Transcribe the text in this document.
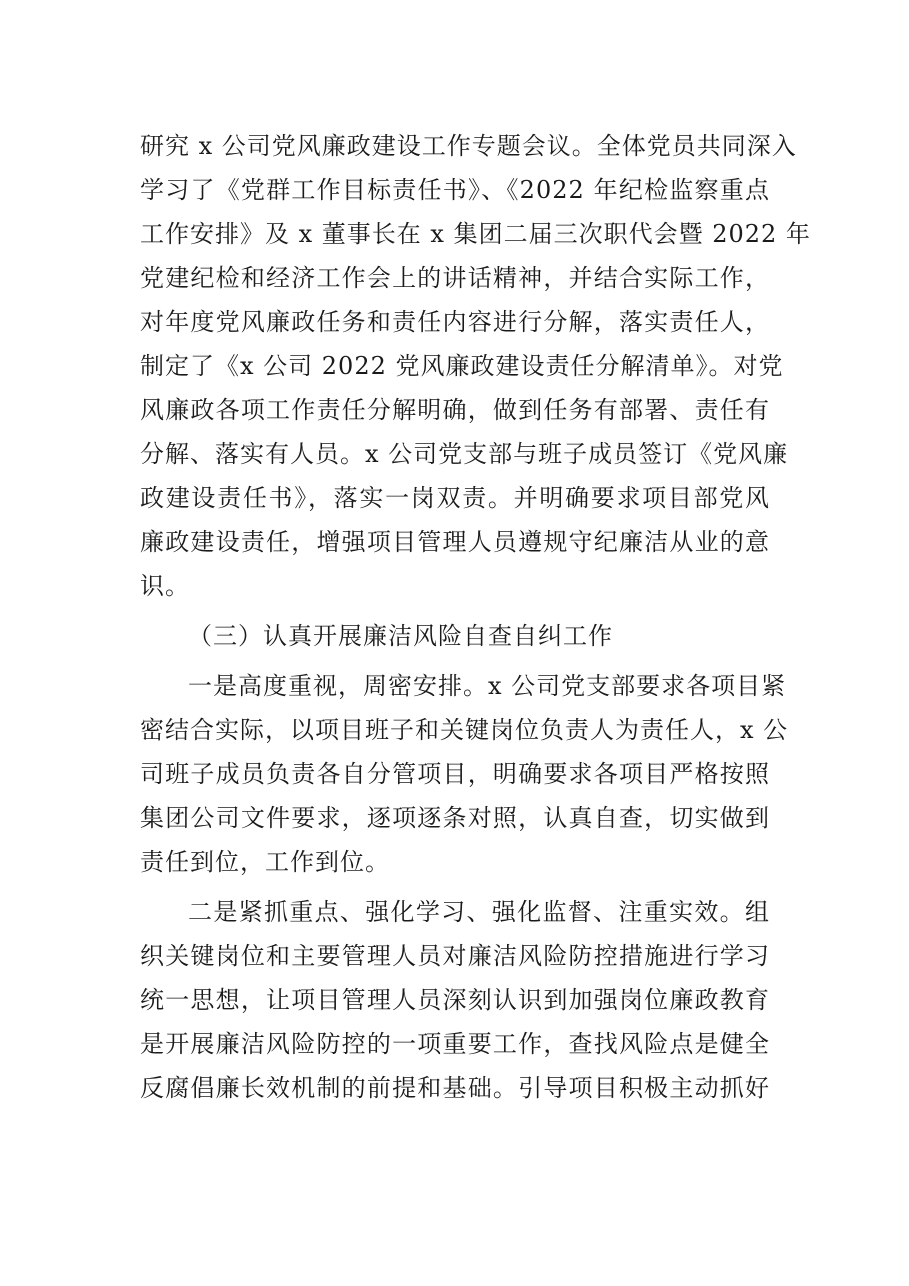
研究 x 公司党风廉政建设工作专题会议。全体党员共同深入
学习了《党群工作目标责任书》、《2022 年纪检监察重点
工作安排》及 x 董事长在 x 集团二届三次职代会暨 2022 年
党建纪检和经济工作会上的讲话精神，并结合实际工作，
对年度党风廉政任务和责任内容进行分解，落实责任人，
制定了《x 公司 2022 党风廉政建设责任分解清单》。对党
风廉政各项工作责任分解明确，做到任务有部署、责任有
分解、落实有人员。x 公司党支部与班子成员签订《党风廉
政建设责任书》，落实一岗双责。并明确要求项目部党风
廉政建设责任，增强项目管理人员遵规守纪廉洁从业的意
识。
（三）认真开展廉洁风险自查自纠工作
一是高度重视，周密安排。x 公司党支部要求各项目紧
密结合实际，以项目班子和关键岗位负责人为责任人，x 公
司班子成员负责各自分管项目，明确要求各项目严格按照
集团公司文件要求，逐项逐条对照，认真自查，切实做到
责任到位，工作到位。
二是紧抓重点、强化学习、强化监督、注重实效。组
织关键岗位和主要管理人员对廉洁风险防控措施进行学习
统一思想，让项目管理人员深刻认识到加强岗位廉政教育
是开展廉洁风险防控的一项重要工作，查找风险点是健全
反腐倡廉长效机制的前提和基础。引导项目积极主动抓好
